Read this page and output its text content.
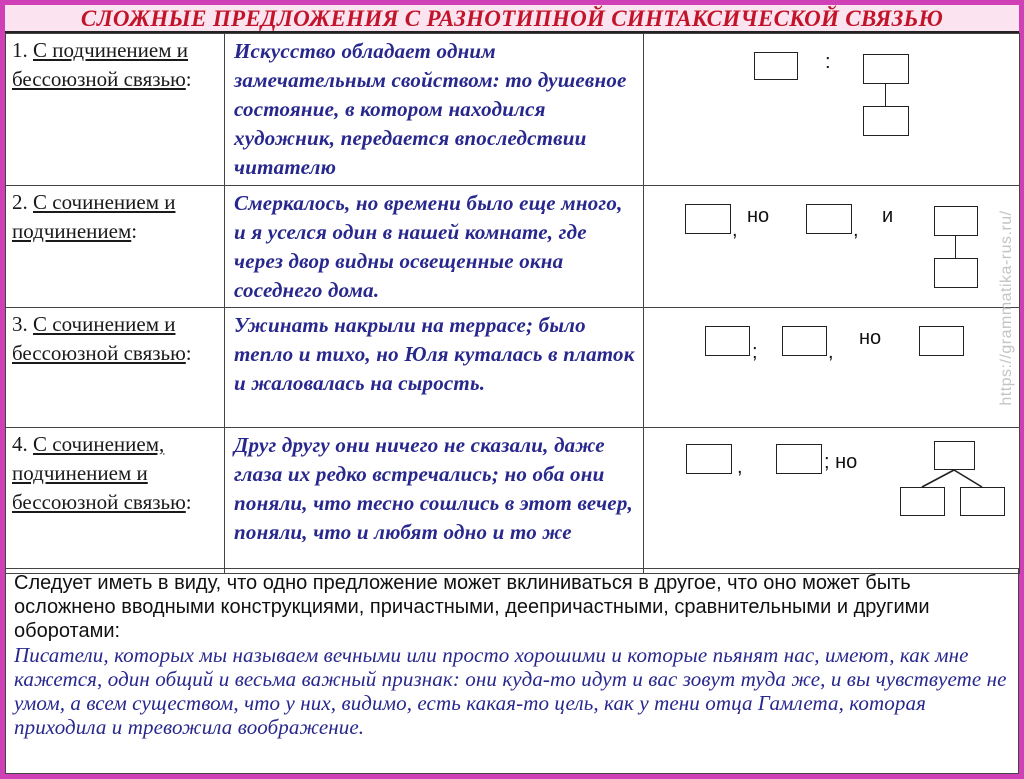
СЛОЖНЫЕ ПРЕДЛОЖЕНИЯ С РАЗНОТИПНОЙ СИНТАКСИЧЕСКОЙ СВЯЗЬЮ
1. С подчинением и бессоюзной связью:	Искусство обладает одним замечательным свойством: то душевное состояние, в котором находился художник, передается впоследствии читателю	:

2. С сочинением и подчинением:	Смеркалось, но времени было еще много, и я уселся один в нашей комнате, где через двор видны освещенные окна соседнего дома.	,
но
,
и

3. С сочинением и бессоюзной связью:	Ужинать накрыли на террасе; было тепло и тихо, но Юля куталась в платок и жаловалась на сырость.	; ,
но

4. С сочинением, подчинением и бессоюзной связью:	Друг другу они ничего не сказали, даже глаза их редко встречались; но оба они поняли, что тесно сошлись в этот вечер, поняли, что и любят одно и то же	, ; но
Следует иметь в виду, что одно предложение может вклиниваться в другое, что оно может быть осложнено вводными конструкциями, причастными, деепричастными, сравнительными и другими оборотами:
Писатели, которых мы называем вечными или просто хорошими и которые пьянят нас, имеют, как мне кажется, один общий и весьма важный признак: они куда-то идут и вас зовут туда же, и вы чувствуете не умом, а всем существом, что у них, видимо, есть какая-то цель, как у тени отца Гамлета, которая приходила и тревожила воображение.
https://grammatika-rus.ru/
